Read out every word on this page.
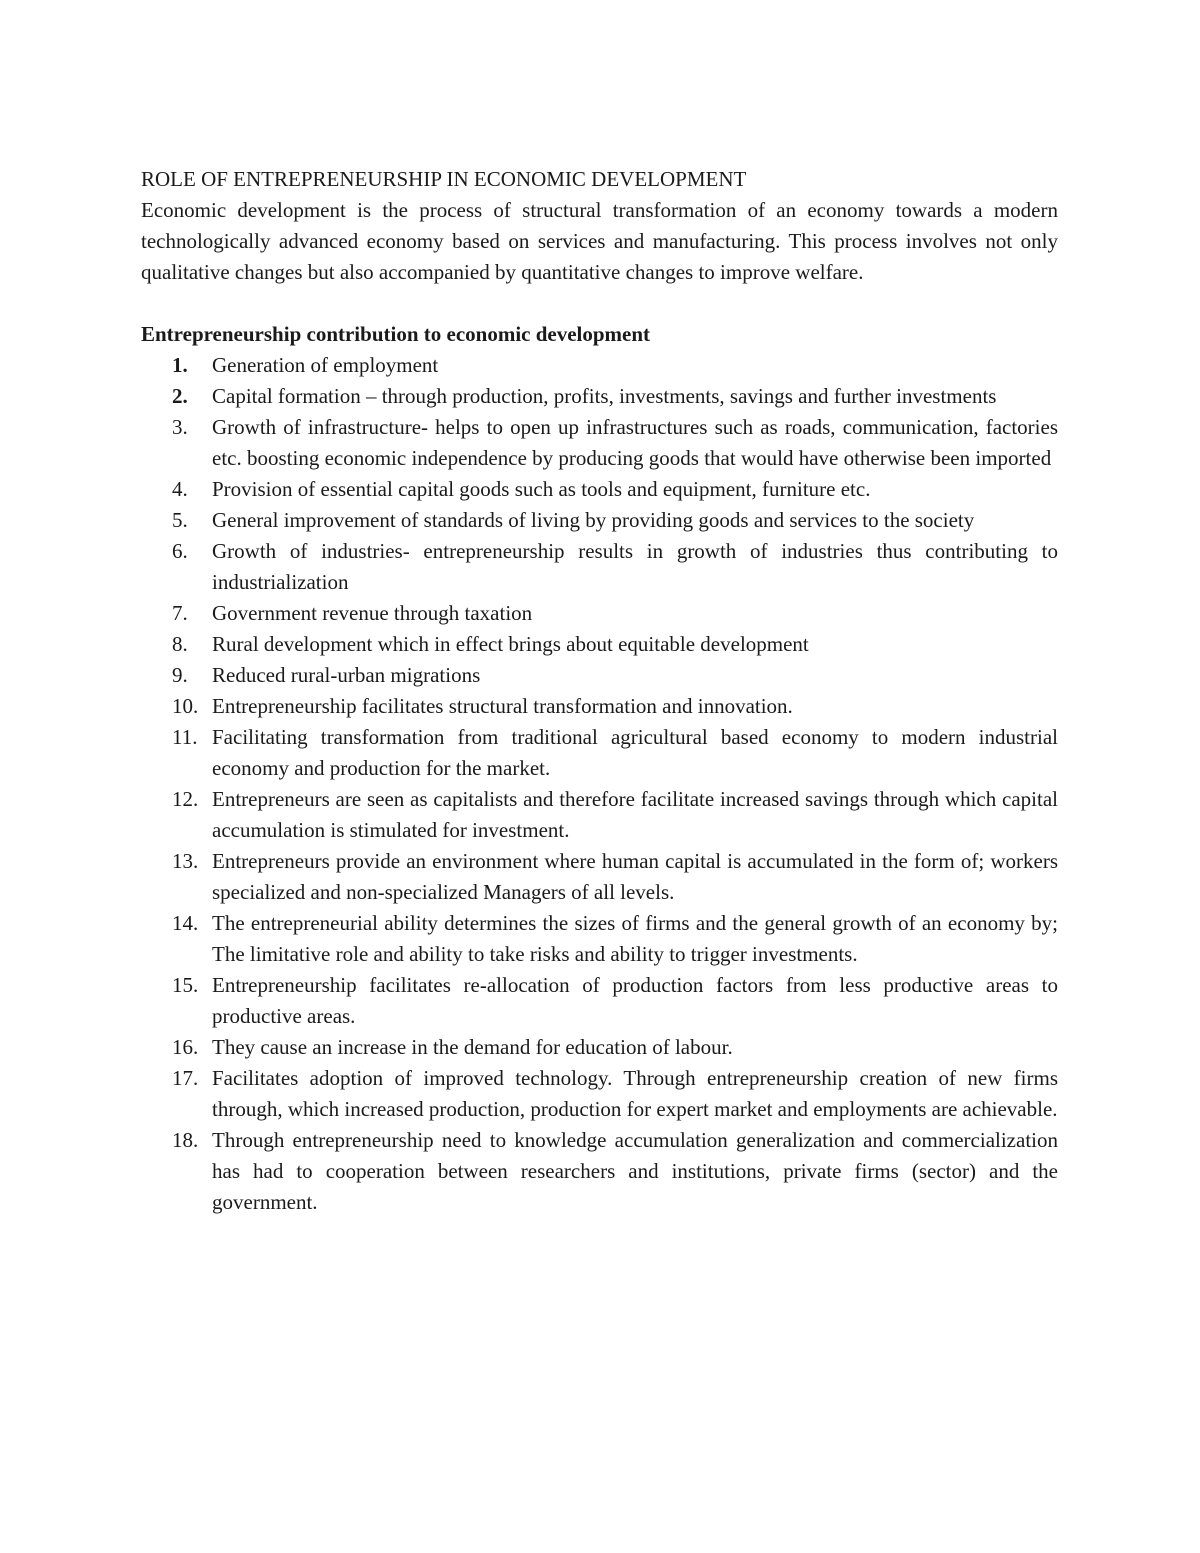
ROLE OF ENTREPRENEURSHIP IN ECONOMIC DEVELOPMENT

Economic development is the process of structural transformation of an economy towards a modern technologically advanced economy based on services and manufacturing. This process involves not only qualitative changes but also accompanied by quantitative changes to improve welfare.

Entrepreneurship contribution to economic development
1.	Generation of employment
2.	Capital formation – through production, profits, investments, savings and further investments
3.	Growth of infrastructure- helps to open up infrastructures such as roads, communication, factories etc. boosting economic independence by producing goods that would have otherwise been imported
4.	Provision of essential capital goods such as tools and equipment, furniture etc.
5.	General improvement of standards of living by providing goods and services to the society
6.	Growth of industries- entrepreneurship results in growth of industries thus contributing to industrialization
7.	Government revenue through taxation
8.	Rural development which in effect brings about equitable development
9.	Reduced rural-urban migrations
10. Entrepreneurship facilitates structural transformation and innovation.
11. Facilitating transformation from traditional agricultural based economy to modern industrial economy and production for the market.
12. Entrepreneurs are seen as capitalists and therefore facilitate increased savings through which capital accumulation is stimulated for investment.
13. Entrepreneurs provide an environment where human capital is accumulated in the form of; workers specialized and non-specialized Managers of all levels.
14. The entrepreneurial ability determines the sizes of firms and the general growth of an economy by; The limitative role and ability to take risks and ability to trigger investments.
15. Entrepreneurship facilitates re-allocation of production factors from less productive areas to productive areas.
16. They cause an increase in the demand for education of labour.
17. Facilitates adoption of improved technology. Through entrepreneurship creation of new firms through, which increased production, production for expert market and employments are achievable.
18. Through entrepreneurship need to knowledge accumulation generalization and commercialization has had to cooperation between researchers and institutions, private firms (sector) and the government.
